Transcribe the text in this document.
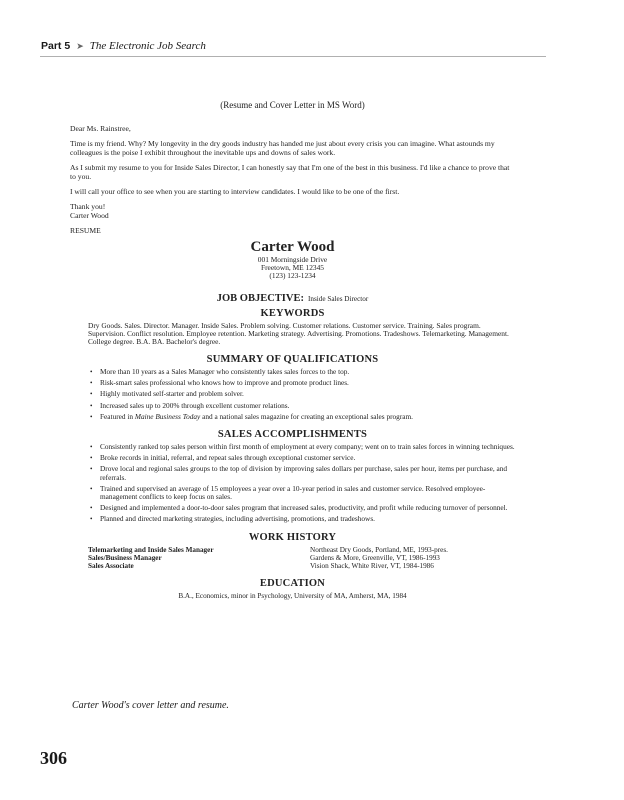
Part 5 ➤ The Electronic Job Search
(Resume and Cover Letter in MS Word)
Dear Ms. Rainstree,
Time is my friend. Why? My longevity in the dry goods industry has handed me just about every crisis you can imagine. What astounds my colleagues is the poise I exhibit throughout the inevitable ups and downs of sales work.
As I submit my resume to you for Inside Sales Director, I can honestly say that I'm one of the best in this business. I'd like a chance to prove that to you.
I will call your office to see when you are starting to interview candidates. I would like to be one of the first.
Thank you!
Carter Wood
RESUME
Carter Wood
001 Morningside Drive
Freetown, ME 12345
(123) 123-1234
JOB OBJECTIVE: Inside Sales Director
KEYWORDS
Dry Goods. Sales. Director. Manager. Inside Sales. Problem solving. Customer relations. Customer service. Training. Sales program. Supervision. Conflict resolution. Employee retention. Marketing strategy. Advertising. Promotions. Tradeshows. Telemarketing. Management. College degree. B.A. BA. Bachelor's degree.
SUMMARY OF QUALIFICATIONS
• More than 10 years as a Sales Manager who consistently takes sales forces to the top.
• Risk-smart sales professional who knows how to improve and promote product lines.
• Highly motivated self-starter and problem solver.
• Increased sales up to 200% through excellent customer relations.
• Featured in Maine Business Today and a national sales magazine for creating an exceptional sales program.
SALES ACCOMPLISHMENTS
• Consistently ranked top sales person within first month of employment at every company; went on to train sales forces in winning techniques.
• Broke records in initial, referral, and repeat sales through exceptional customer service.
• Drove local and regional sales groups to the top of division by improving sales dollars per purchase, sales per hour, items per purchase, and referrals.
• Trained and supervised an average of 15 employees a year over a 10-year period in sales and customer service. Resolved employee-management conflicts to keep focus on sales.
• Designed and implemented a door-to-door sales program that increased sales, productivity, and profit while reducing turnover of personnel.
• Planned and directed marketing strategies, including advertising, promotions, and tradeshows.
WORK HISTORY
Telemarketing and Inside Sales Manager
Sales/Business Manager
Sales Associate
Northeast Dry Goods, Portland, ME, 1993-pres.
Gardens & More, Greenville, VT, 1986-1993
Vision Shack, White River, VT, 1984-1986
EDUCATION
B.A., Economics, minor in Psychology, University of MA, Amherst, MA, 1984
Carter Wood's cover letter and resume.
306
